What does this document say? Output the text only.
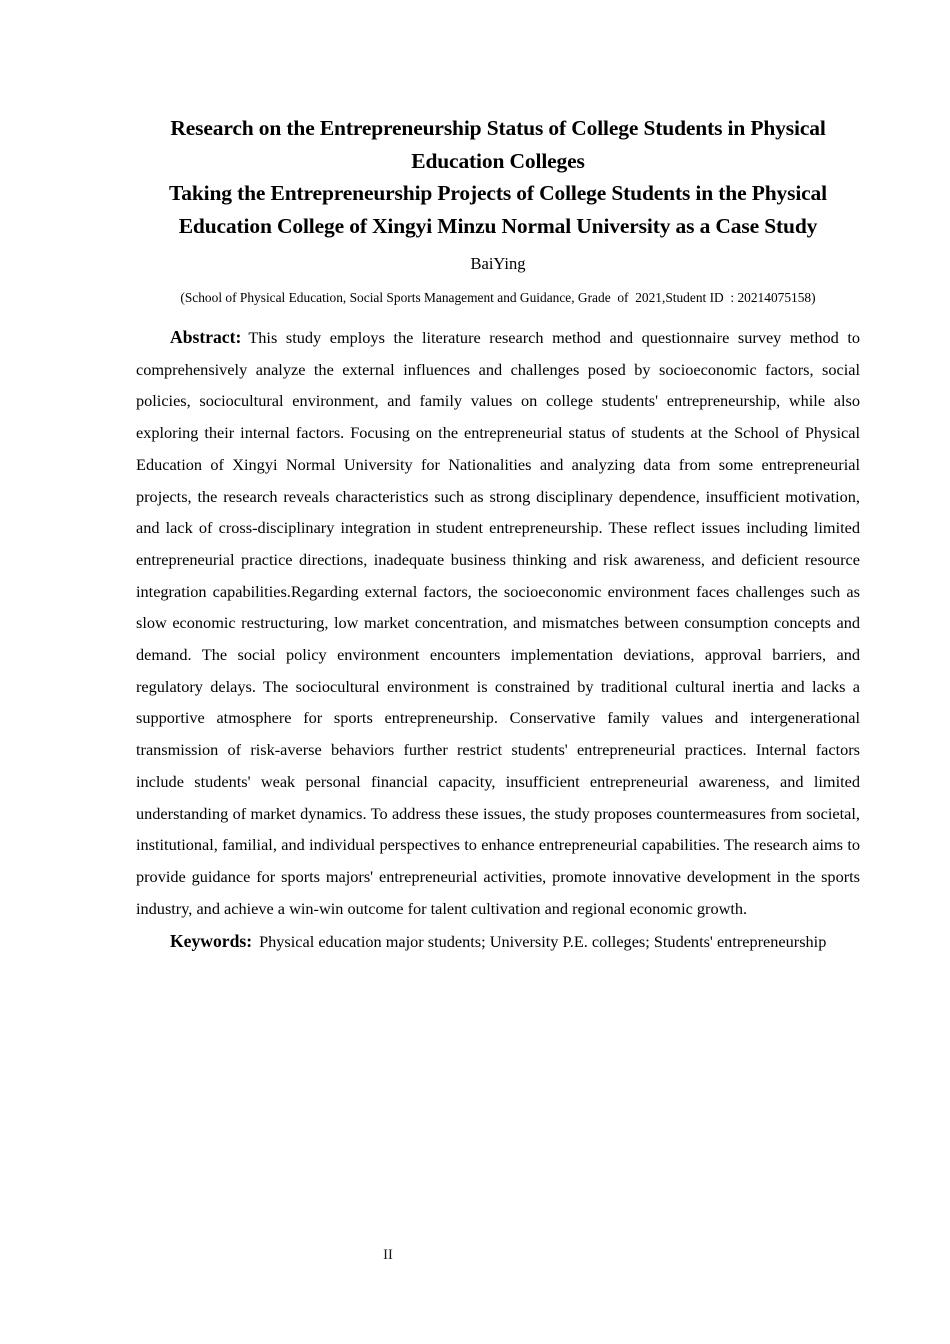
Research on the Entrepreneurship Status of College Students in Physical
Education Colleges
Taking the Entrepreneurship Projects of College Students in the Physical
Education College of Xingyi Minzu Normal University as a Case Study
BaiYing
(School of Physical Education, Social Sports Management and Guidance, Grade  of  2021,Student ID  : 20214075158)
Abstract: This study employs the literature research method and questionnaire survey method to comprehensively analyze the external influences and challenges posed by socioeconomic factors, social policies, sociocultural environment, and family values on college students' entrepreneurship, while also exploring their internal factors. Focusing on the entrepreneurial status of students at the School of Physical Education of Xingyi Normal University for Nationalities and analyzing data from some entrepreneurial projects, the research reveals characteristics such as strong disciplinary dependence, insufficient motivation, and lack of cross-disciplinary integration in student entrepreneurship. These reflect issues including limited entrepreneurial practice directions, inadequate business thinking and risk awareness, and deficient resource integration capabilities.Regarding external factors, the socioeconomic environment faces challenges such as slow economic restructuring, low market concentration, and mismatches between consumption concepts and demand. The social policy environment encounters implementation deviations, approval barriers, and regulatory delays. The sociocultural environment is constrained by traditional cultural inertia and lacks a supportive atmosphere for sports entrepreneurship. Conservative family values and intergenerational transmission of risk-averse behaviors further restrict students' entrepreneurial practices. Internal factors include students' weak personal financial capacity, insufficient entrepreneurial awareness, and limited understanding of market dynamics. To address these issues, the study proposes countermeasures from societal, institutional, familial, and individual perspectives to enhance entrepreneurial capabilities. The research aims to provide guidance for sports majors' entrepreneurial activities, promote innovative development in the sports industry, and achieve a win-win outcome for talent cultivation and regional economic growth.
Keywords: Physical education major students; University P.E. colleges; Students' entrepreneurship
II
